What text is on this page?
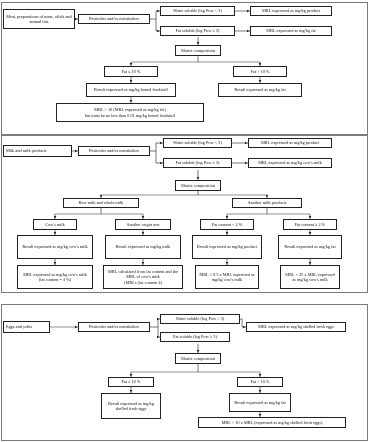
Meat, preparations of meat, offals and animal fats
Pesticides and/or metabolites
Water soluble (log Pow < 3)	MRL expressed as mg/kg product
Fat soluble (log Pow ≥ 3)	MRL expressed as mg/kg fat
Matrix composition
Fat ≤ 10 %	Fat > 10 %
Result expressed as mg/kg boned foodstuff	Result expressed as mg/kg fat
MRL ÷ 10 (MRL expressed as mg/kg fat)
but must be no less than 0.01 mg/kg boned foodstuff
Milk and milk products	Pesticides and/or metabolites
Water soluble (log Pow < 3)	MRL expressed as mg/kg product
Fat soluble (log Pow ≥ 3)	MRL expressed as mg/kg cow's milk
Matrix composition
Raw milk and whole milk	Another milk products
Cow's milk	Another origin sets	Fat content < 2 %	Fat content ≥ 2 %
Result expressed as mg/kg cow's milk	Result expressed as mg/kg milk	Result expressed as mg/kg product	Result expressed as mg/kg fat
MRL expressed as mg/kg cow's milk
(fat content = 4 %)
MRL calculated from fat content and the MRL of cow's milk
(MRLs (fat content 4)
MRL × 0.5 x MRL expressed as mg/kg cow's milk
MRL × 25 x MRL expressed as mg/kg cow's milk
Eggs and yolks	Pesticides and/or metabolites
Water soluble (log Pow < 3)
MRL expressed as mg/kg shelled fresh eggs
Fat soluble (log Pow ≥ 3)
Matrix composition
Fat ≤ 10 %	Fat > 10 %
Result expressed as mg/kg shelled fresh eggs
Result expressed as mg/kg fat
MRL ÷ 10 x MRL (expressed as mg/kg shelled fresh eggs)
